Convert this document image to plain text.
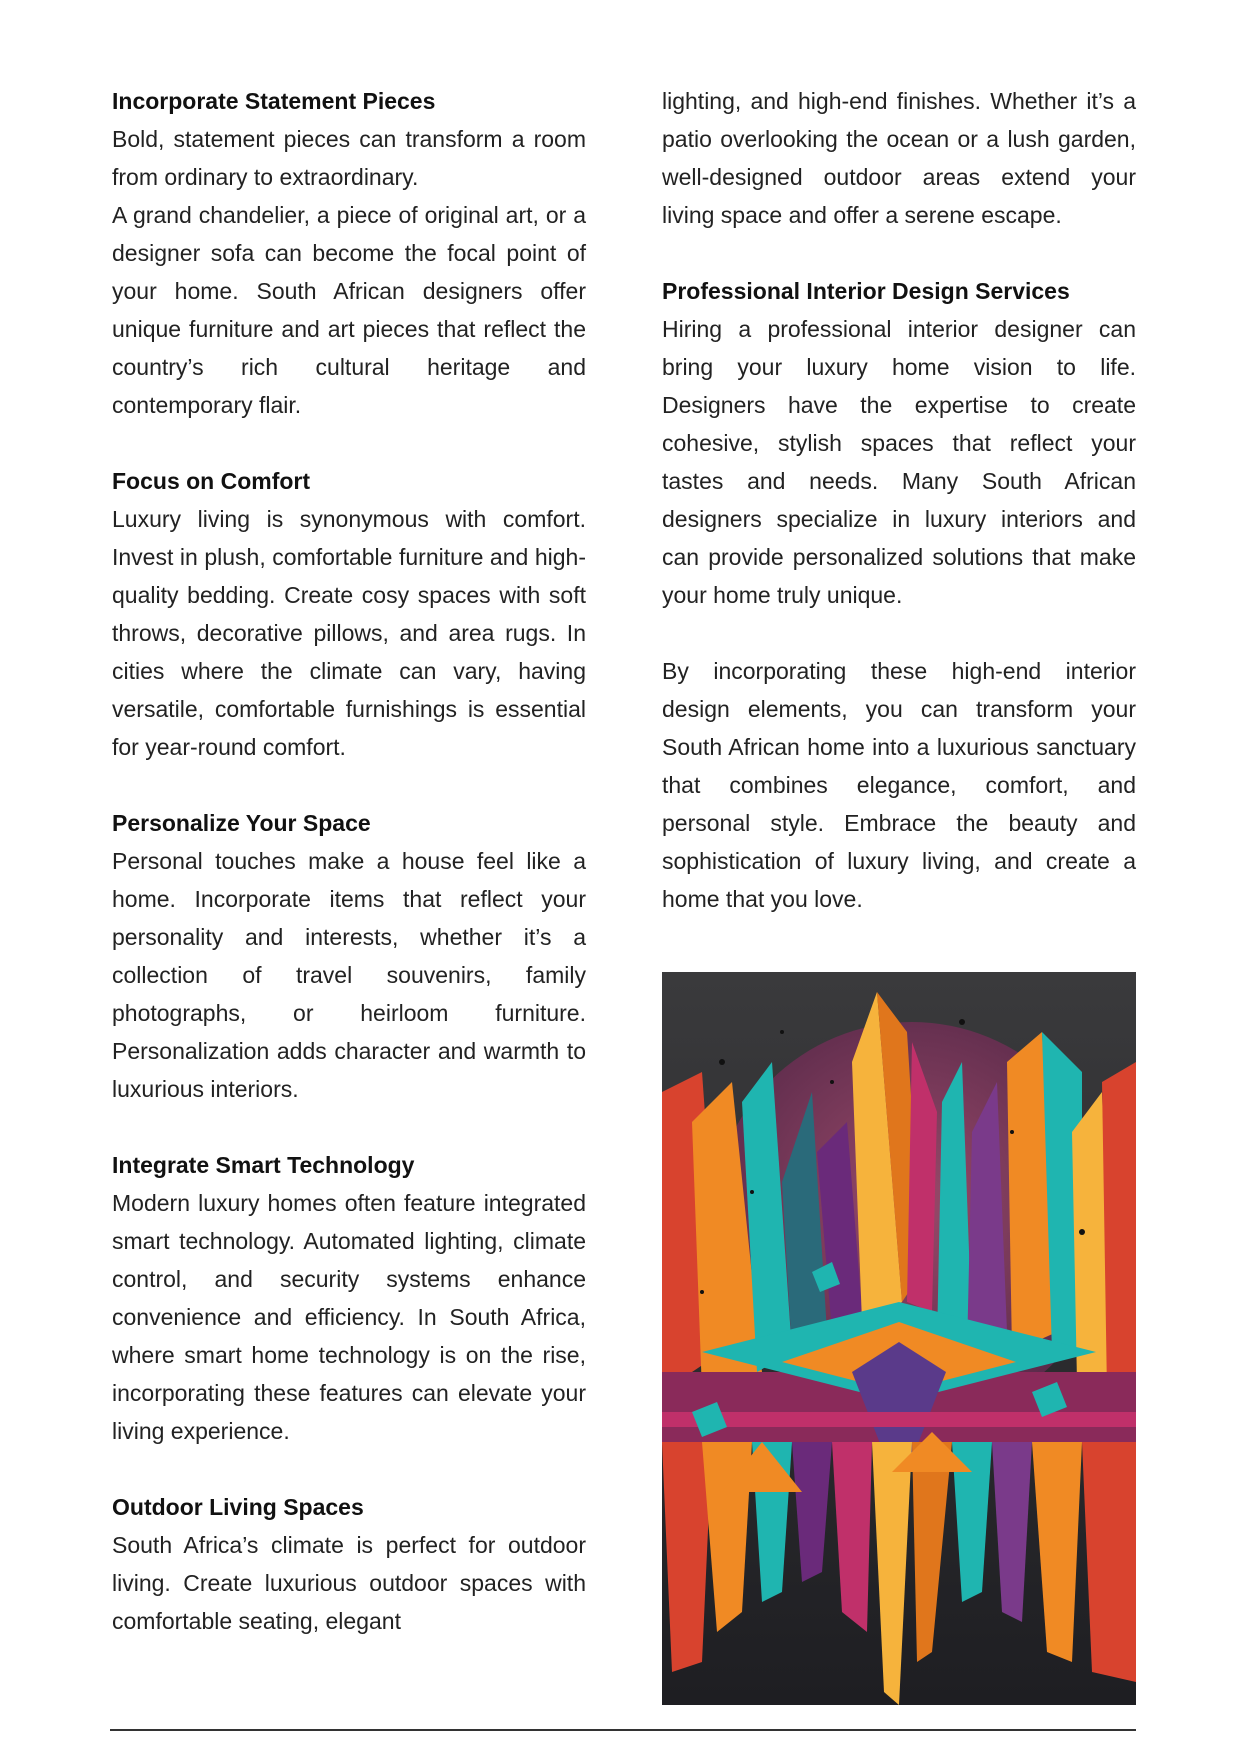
Incorporate Statement Pieces

Bold, statement pieces can transform a room from ordinary to extraordinary.

A grand chandelier, a piece of original art, or a designer sofa can become the focal point of your home. South African designers offer unique furniture and art pieces that reflect the country’s rich cultural heritage and contemporary flair.

Focus on Comfort

Luxury living is synonymous with comfort. Invest in plush, comfortable furniture and high-quality bedding. Create cosy spaces with soft throws, decorative pillows, and area rugs. In cities where the climate can vary, having versatile, comfortable furnishings is essential for year-round comfort.

Personalize Your Space

Personal touches make a house feel like a home. Incorporate items that reflect your personality and interests, whether it’s a collection of travel souvenirs, family photographs, or heirloom furniture. Personalization adds character and warmth to luxurious interiors.

Integrate Smart Technology

Modern luxury homes often feature integrated smart technology. Automated lighting, climate control, and security systems enhance convenience and efficiency. In South Africa, where smart home technology is on the rise, incorporating these features can elevate your living experience.

Outdoor Living Spaces

South Africa’s climate is perfect for outdoor living. Create luxurious outdoor spaces with comfortable seating, elegant

lighting, and high-end finishes. Whether it’s a patio overlooking the ocean or a lush garden, well-designed outdoor areas extend your living space and offer a serene escape.

Professional Interior Design Services

Hiring a professional interior designer can bring your luxury home vision to life. Designers have the expertise to create cohesive, stylish spaces that reflect your tastes and needs. Many South African designers specialize in luxury interiors and can provide personalized solutions that make your home truly unique.

By incorporating these high-end interior design elements, you can transform your South African home into a luxurious sanctuary that combines elegance, comfort, and personal style. Embrace the beauty and sophistication of luxury living, and create a home that you love.
